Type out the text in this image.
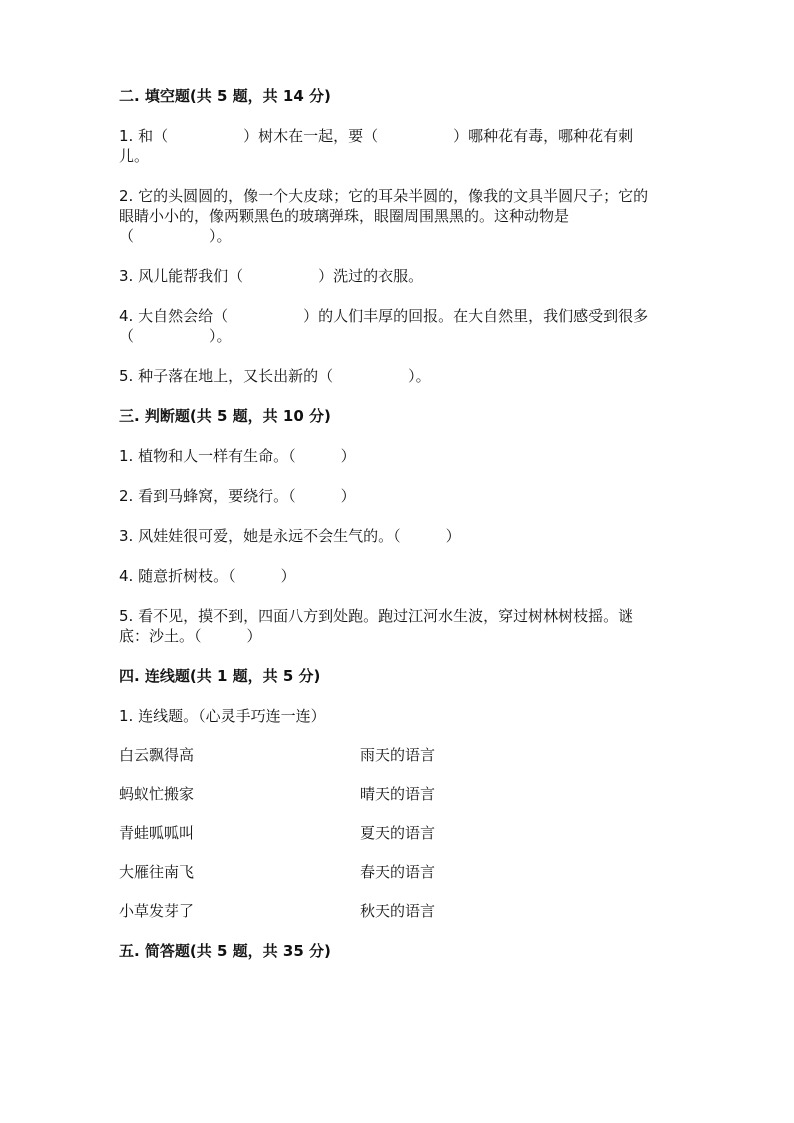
二. 填空题(共 5 题，共 14 分)
1. 和（　　　　　）树木在一起，要（　　　　　）哪种花有毒，哪种花有刺
儿。
2. 它的头圆圆的，像一个大皮球；它的耳朵半圆的，像我的文具半圆尺子；它的
眼睛小小的，像两颗黑色的玻璃弹珠，眼圈周围黑黑的。这种动物是
（　　　　　）。
3. 风儿能帮我们（　　　　　）洗过的衣服。
4. 大自然会给（　　　　　）的人们丰厚的回报。在大自然里，我们感受到很多
（　　　　　）。
5. 种子落在地上，又长出新的（　　　　　）。
三. 判断题(共 5 题，共 10 分)
1. 植物和人一样有生命。（　　　）
2. 看到马蜂窝，要绕行。（　　　）
3. 风娃娃很可爱，她是永远不会生气的。（　　　）
4. 随意折树枝。（　　　）
5. 看不见，摸不到，四面八方到处跑。跑过江河水生波，穿过树林树枝摇。谜
底：沙土。（　　　）
四. 连线题(共 1 题，共 5 分)
1. 连线题。（心灵手巧连一连）
白云飘得高	雨天的语言
蚂蚁忙搬家	晴天的语言
青蛙呱呱叫	夏天的语言
大雁往南飞	春天的语言
小草发芽了	秋天的语言
五. 简答题(共 5 题，共 35 分)
